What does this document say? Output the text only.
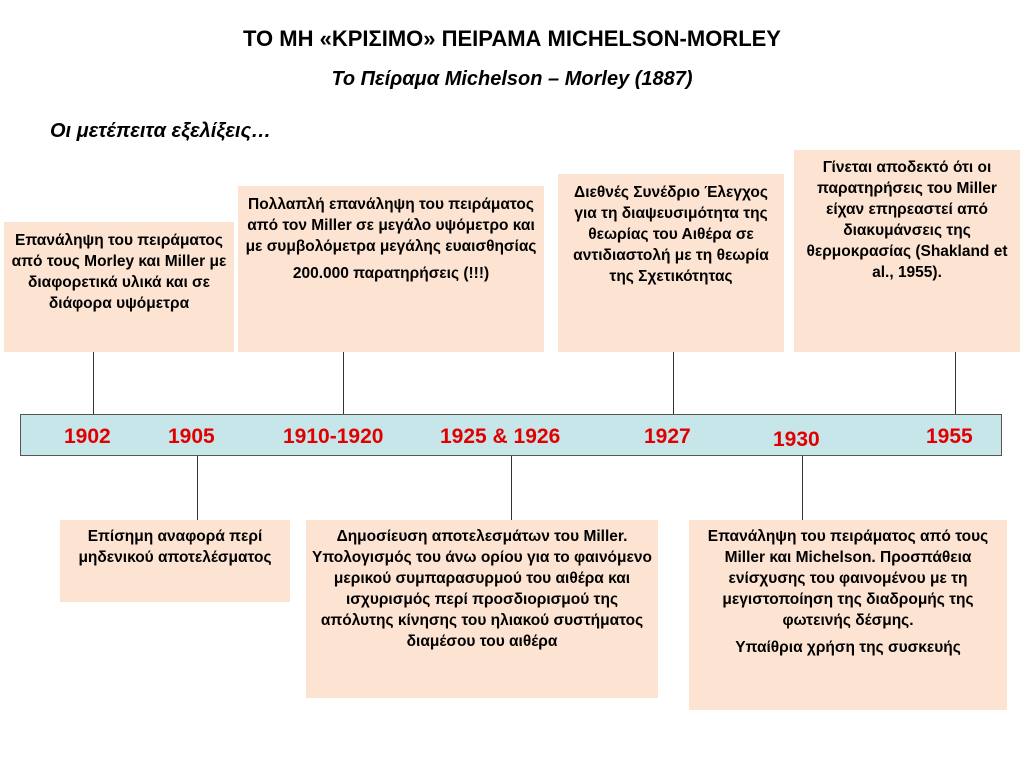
ΤΟ ΜΗ «ΚΡΙΣΙΜΟ» ΠΕΙΡΑΜΑ MICHELSON-MORLEY
Το Πείραμα Michelson – Morley (1887)
Οι μετέπειτα εξελίξεις…

Επανάληψη του πειράματος από τους Morley και Miller με διαφορετικά υλικά και σε διάφορα υψόμετρα

Πολλαπλή επανάληψη του πειράματος από τον Miller σε μεγάλο υψόμετρο και με συμβολόμετρα μεγάλης ευαισθησίας

200.000 παρατηρήσεις (!!!)

Διεθνές Συνέδριο Έλεγχος για τη διαψευσιμότητα της θεωρίας του Αιθέρα σε αντιδιαστολή με τη θεωρία της Σχετικότητας

Γίνεται αποδεκτό ότι οι παρατηρήσεις του Miller είχαν επηρεαστεί από διακυμάνσεις της θερμοκρασίας (Shakland et al., 1955).

1902	1905	1910-1920	1925 & 1926	1927	1930	1955

Επίσημη αναφορά περί μηδενικού αποτελέσματος

Δημοσίευση αποτελεσμάτων του Miller. Υπολογισμός του άνω ορίου για το φαινόμενο μερικού συμπαρασυρμού του αιθέρα και ισχυρισμός περί προσδιορισμού της απόλυτης κίνησης του ηλιακού συστήματος διαμέσου του αιθέρα

Επανάληψη του πειράματος από τους Miller και Michelson. Προσπάθεια ενίσχυσης του φαινομένου με τη μεγιστοποίηση της διαδρομής της φωτεινής δέσμης.

Υπαίθρια χρήση της συσκευής
